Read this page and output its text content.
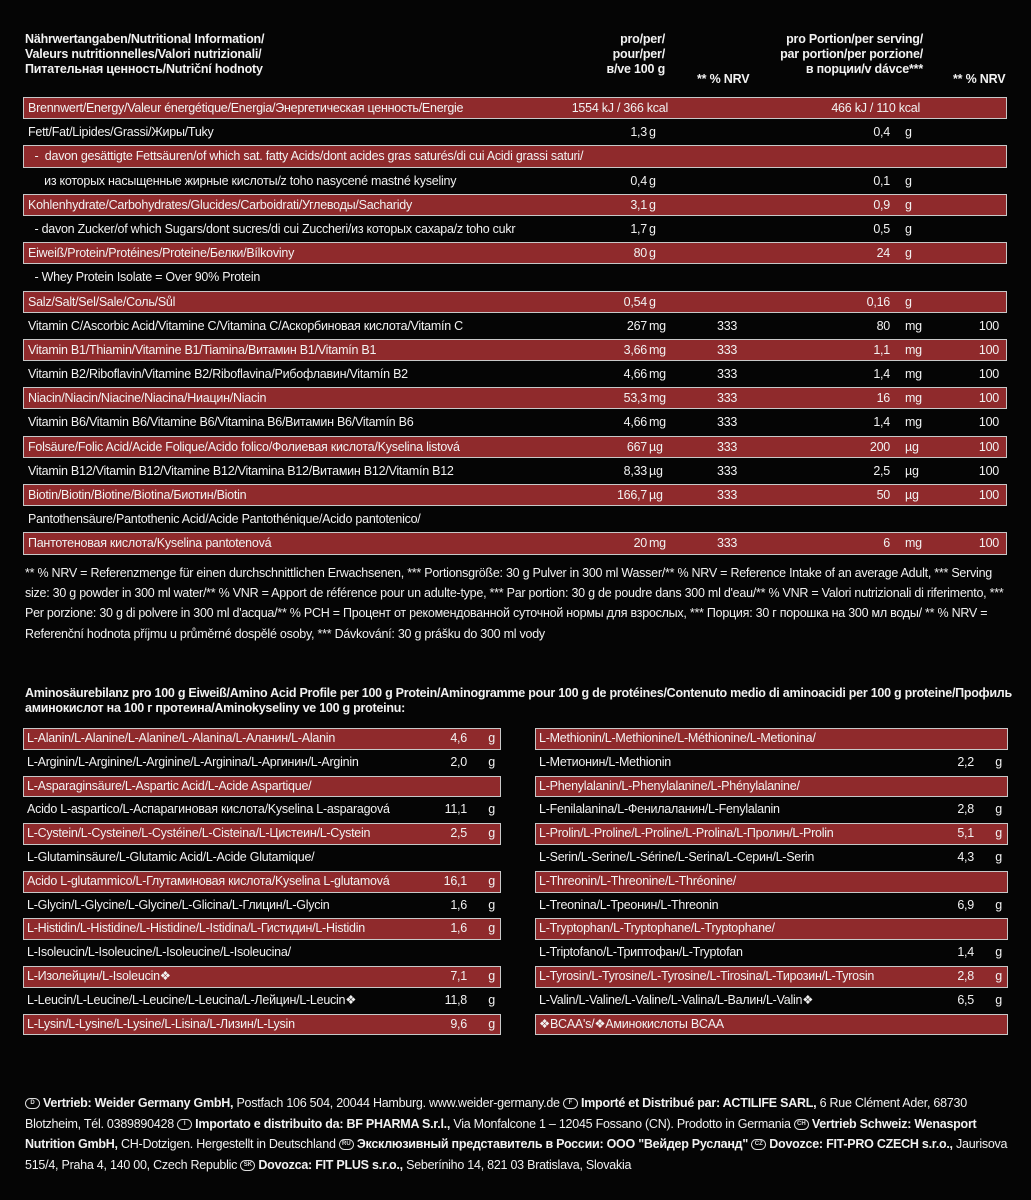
Nährwertangaben/Nutritional Information/
Valeurs nutritionnelles/Valori nutrizionali/
Питательная ценность/Nutriční hodnoty
pro/per/
pour/per/
в/ve 100 g
** % NRV
pro Portion/per serving/
par portion/per porzione/
в порции/v dávce***
** % NRV
Brennwert/Energy/Valeur énergétique/Energia/Энергетическая ценность/Energie	1554 kJ / 366 kcal	466 kJ / 110 kcal
Fett/Fat/Lipides/Grassi/Жиры/Tuky	1,3 g	0,4 g
-  davon gesättigte Fettsäuren/of which sat. fatty Acids/dont acides gras saturés/di cui Acidi grassi saturi/
из которых насыщенные жирные кислоты/z toho nasycené mastné kyseliny	0,4 g	0,1 g
Kohlenhydrate/Carbohydrates/Glucides/Carboidrati/Углеводы/Sacharidy	3,1 g	0,9 g
- davon Zucker/of which Sugars/dont sucres/di cui Zuccheri/из которых сахара/z toho cukr	1,7 g	0,5 g
Eiweiß/Protein/Protéines/Proteine/Белки/Bílkoviny	80 g	24 g
- Whey Protein Isolate = Over 90% Protein
Salz/Salt/Sel/Sale/Соль/Sůl	0,54 g	0,16 g
Vitamin C/Ascorbic Acid/Vitamine C/Vitamina C/Аскорбиновая кислота/Vitamín C	267 mg	333	80 mg	100
Vitamin B1/Thiamin/Vitamine B1/Tiamina/Витамин B1/Vitamín B1	3,66 mg	333	1,1 mg	100
Vitamin B2/Riboflavin/Vitamine B2/Riboflavina/Рибофлавин/Vitamín B2	4,66 mg	333	1,4 mg	100
Niacin/Niacin/Niacine/Niacina/Ниацин/Niacin	53,3 mg	333	16 mg	100
Vitamin B6/Vitamin B6/Vitamine B6/Vitamina B6/Витамин B6/Vitamín B6	4,66 mg	333	1,4 mg	100
Folsäure/Folic Acid/Acide Folique/Acido folico/Фолиевая кислота/Kyselina listová	667 µg	333	200 µg	100
Vitamin B12/Vitamin B12/Vitamine B12/Vitamina B12/Витамин B12/Vitamín B12	8,33 µg	333	2,5 µg	100
Biotin/Biotin/Biotine/Biotina/Биотин/Biotin	166,7 µg	333	50 µg	100
Pantothensäure/Pantothenic Acid/Acide Pantothénique/Acido pantotenico/
Пантотеновая кислота/Kyselina pantotenová	20 mg	333	6 mg	100
** % NRV = Referenzmenge für einen durchschnittlichen Erwachsenen, *** Portionsgröße: 30 g Pulver in 300 ml Wasser/** % NRV = Reference Intake of an average Adult, *** Serving size: 30 g powder in 300 ml water/** % VNR = Apport de référence pour un adulte-type, *** Par portion: 30 g de poudre dans 300 ml d'eau/** % VNR = Valori nutrizionali di riferimento, *** Per porzione: 30 g di polvere in 300 ml d'acqua/** % PCH = Процент от рекомендованной суточной нормы для взрослых, *** Порция: 30 г порошка на 300 мл воды/ ** % NRV = Referenční hodnota příjmu u průměrné dospělé osoby, *** Dávkování: 30 g prášku do 300 ml vody
Aminosäurebilanz pro 100 g Eiweiß/Amino Acid Profile per 100 g Protein/Aminogramme pour 100 g de protéines/Contenuto medio di aminoacidi per 100 g proteine/Профиль аминокислот на 100 г протеина/Aminokyseliny ve 100 g proteinu:
L-Alanin/L-Alanine/L-Alanine/L-Alanina/L-Аланин/L-Alanin	4,6 g
L-Arginin/L-Arginine/L-Arginine/L-Arginina/L-Аргинин/L-Arginin	2,0 g
L-Asparaginsäure/L-Aspartic Acid/L-Acide Aspartique/
Acido L-aspartico/L-Аспарагиновая кислота/Kyselina L-asparagová	11,1 g
L-Cystein/L-Cysteine/L-Cystéine/L-Cisteina/L-Цистеин/L-Cystein	2,5 g
L-Glutaminsäure/L-Glutamic Acid/L-Acide Glutamique/
Acido L-glutammico/L-Глутаминовая кислота/Kyselina L-glutamová	16,1 g
L-Glycin/L-Glycine/L-Glycine/L-Glicina/L-Глицин/L-Glycin	1,6 g
L-Histidin/L-Histidine/L-Histidine/L-Istidina/L-Гистидин/L-Histidin	1,6 g
L-Isoleucin/L-Isoleucine/L-Isoleucine/L-Isoleucina/
L-Изолейцин/L-Isoleucin❖	7,1 g
L-Leucin/L-Leucine/L-Leucine/L-Leucina/L-Лейцин/L-Leucin❖	11,8 g
L-Lysin/L-Lysine/L-Lysine/L-Lisina/L-Лизин/L-Lysin	9,6 g
L-Methionin/L-Methionine/L-Méthionine/L-Metionina/
L-Метионин/L-Methionin	2,2 g
L-Phenylalanin/L-Phenylalanine/L-Phénylalanine/
L-Fenilalanina/L-Фенилаланин/L-Fenylalanin	2,8 g
L-Prolin/L-Proline/L-Proline/L-Prolina/L-Пролин/L-Prolin	5,1 g
L-Serin/L-Serine/L-Sérine/L-Serina/L-Серин/L-Serin	4,3 g
L-Threonin/L-Threonine/L-Thréonine/
L-Treonina/L-Треонин/L-Threonin	6,9 g
L-Tryptophan/L-Tryptophane/L-Tryptophane/
L-Triptofano/L-Триптофан/L-Tryptofan	1,4 g
L-Tyrosin/L-Tyrosine/L-Tyrosine/L-Tirosina/L-Тирозин/L-Tyrosin	2,8 g
L-Valin/L-Valine/L-Valine/L-Valina/L-Валин/L-Valin❖	6,5 g
❖BCAA's/❖Аминокислоты BCAA
D Vertrieb: Weider Germany GmbH, Postfach 106 504, 20044 Hamburg. www.weider-germany.de F Importé et Distribué par: ACTILIFE SARL, 6 Rue Clément Ader, 68730 Blotzheim, Tél. 0389890428 I Importato e distribuito da: BF PHARMA S.r.l., Via Monfalcone 1 – 12045 Fossano (CN). Prodotto in Germania CH Vertrieb Schweiz: Wenasport Nutrition GmbH, CH-Dotzigen. Hergestellt in Deutschland RU Эксклюзивный представитель в России: ООО "Вейдер Русланд" CZ Dovozce: FIT-PRO CZECH s.r.o., Jaurisova 515/4, Praha 4, 140 00, Czech Republic SK Dovozca: FIT PLUS s.r.o., Seberíniho 14, 821 03 Bratislava, Slovakia
